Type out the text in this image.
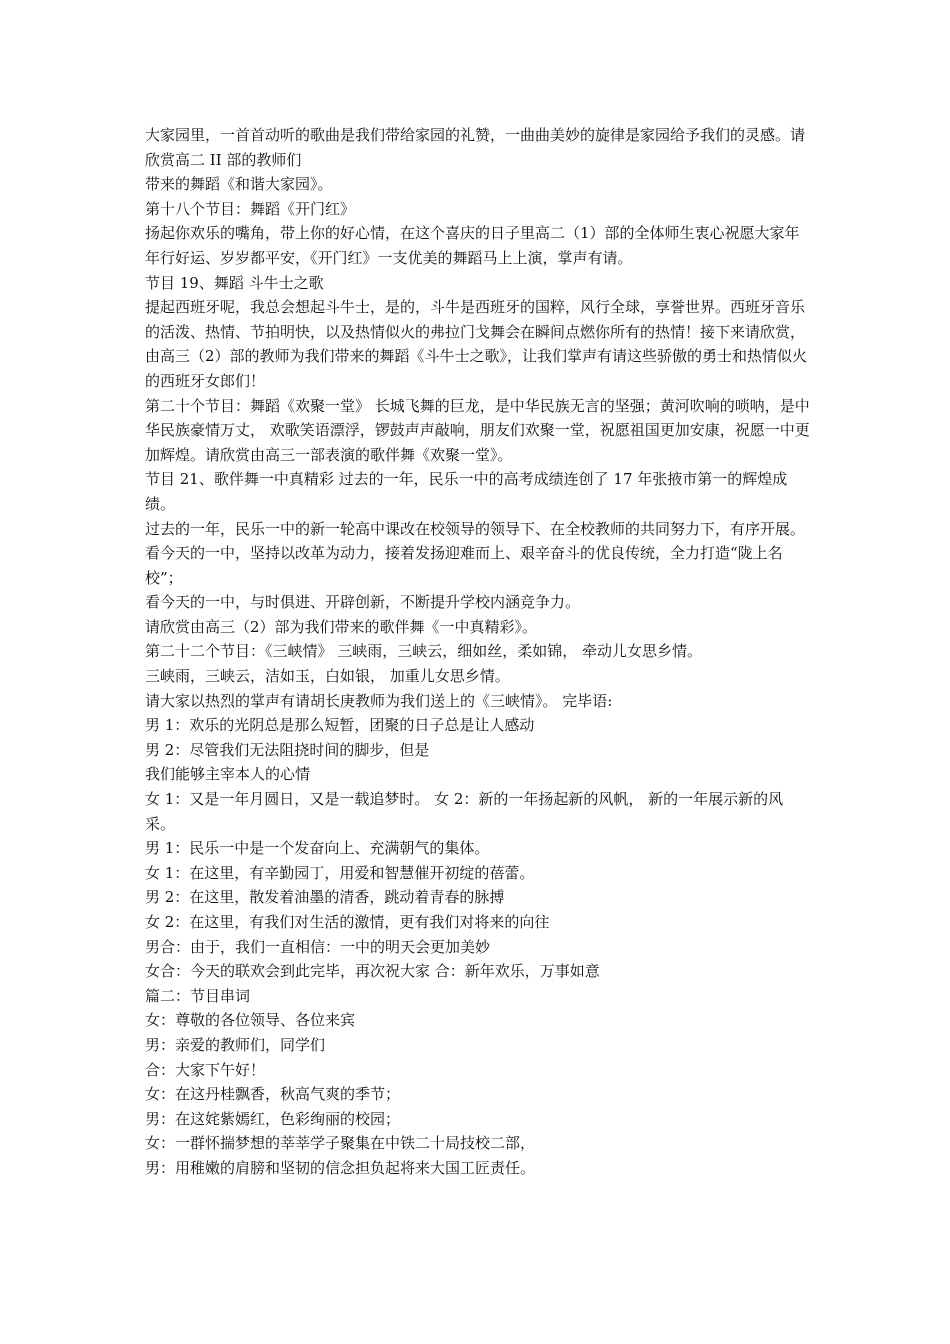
大家园里，一首首动听的歌曲是我们带给家园的礼赞，一曲曲美妙的旋律是家园给予我们的灵感。请欣赏高二 II 部的教师们

带来的舞蹈《和谐大家园》。

第十八个节目：舞蹈《开门红》

扬起你欢乐的嘴角，带上你的好心情，在这个喜庆的日子里高二（1）部的全体师生衷心祝愿大家年年行好运、岁岁都平安，《开门红》一支优美的舞蹈马上上演，掌声有请。

节目 19、舞蹈 斗牛士之歌

提起西班牙呢，我总会想起斗牛士，是的，斗牛是西班牙的国粹，风行全球，享誉世界。西班牙音乐的活泼、热情、节拍明快，以及热情似火的弗拉门戈舞会在瞬间点燃你所有的热情！接下来请欣赏，由高三（2）部的教师为我们带来的舞蹈《斗牛士之歌》，让我们掌声有请这些骄傲的勇士和热情似火的西班牙女郎们！

第二十个节目：舞蹈《欢聚一堂》 长城飞舞的巨龙，是中华民族无言的坚强；黄河吹响的唢呐，是中华民族豪情万丈， 欢歌笑语漂浮，锣鼓声声敲响，朋友们欢聚一堂，祝愿祖国更加安康，祝愿一中更加辉煌。请欣赏由高三一部表演的歌伴舞《欢聚一堂》。

节目 21、歌伴舞一中真精彩 过去的一年，民乐一中的高考成绩连创了 17 年张掖市第一的辉煌成绩。

过去的一年，民乐一中的新一轮高中课改在校领导的领导下、在全校教师的共同努力下，有序开展。

看今天的一中，坚持以改革为动力，接着发扬迎难而上、艰辛奋斗的优良传统，全力打造“陇上名校”；

看今天的一中，与时俱进、开辟创新，不断提升学校内涵竞争力。

请欣赏由高三（2）部为我们带来的歌伴舞《一中真精彩》。

第二十二个节目：《三峡情》 三峡雨，三峡云，细如丝，柔如锦， 牵动儿女思乡情。

三峡雨，三峡云，洁如玉，白如银， 加重儿女思乡情。

请大家以热烈的掌声有请胡长庚教师为我们送上的《三峡情》。 完毕语:

男 1：欢乐的光阴总是那么短暂，团聚的日子总是让人感动

男 2：尽管我们无法阻挠时间的脚步，但是

我们能够主宰本人的心情

女 1：又是一年月圆日，又是一载追梦时。 女 2：新的一年扬起新的风帆， 新的一年展示新的风采。

男 1：民乐一中是一个发奋向上、充满朝气的集体。

女 1：在这里，有辛勤园丁，用爱和智慧催开初绽的蓓蕾。

男 2：在这里，散发着油墨的清香，跳动着青春的脉搏

女 2：在这里，有我们对生活的激情，更有我们对将来的向往

男合：由于，我们一直相信：一中的明天会更加美妙

女合：今天的联欢会到此完毕，再次祝大家 合：新年欢乐，万事如意

篇二：节目串词

女：尊敬的各位领导、各位来宾

男：亲爱的教师们，同学们

合：大家下午好！

女：在这丹桂飘香，秋高气爽的季节；

男：在这姹紫嫣红，色彩绚丽的校园；

女：一群怀揣梦想的莘莘学子聚集在中铁二十局技校二部，

男：用稚嫩的肩膀和坚韧的信念担负起将来大国工匠责任。
